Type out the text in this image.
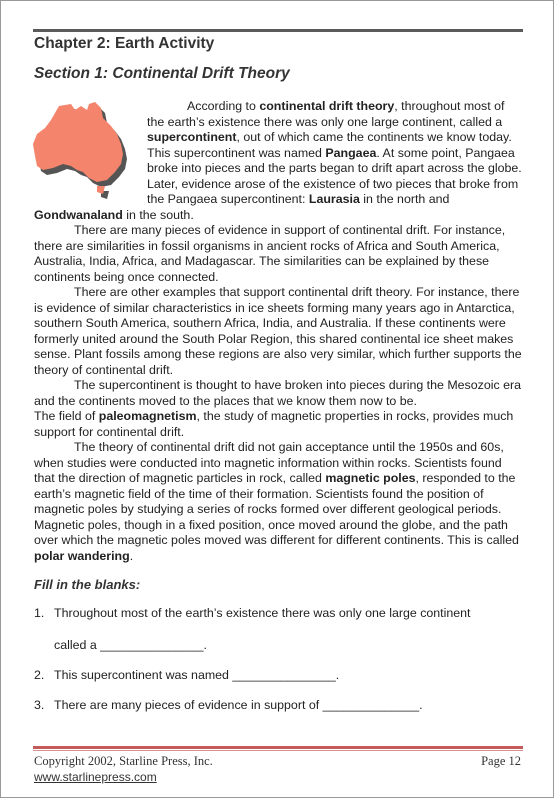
Chapter 2: Earth Activity
Section 1: Continental Drift Theory

According to continental drift theory, throughout most of the earth’s existence there was only one large continent, called a supercontinent, out of which came the continents we know today. This supercontinent was named Pangaea. At some point, Pangaea broke into pieces and the parts began to drift apart across the globe. Later, evidence arose of the existence of two pieces that broke from the Pangaea supercontinent: Laurasia in the north and Gondwanaland in the south.

There are many pieces of evidence in support of continental drift. For instance, there are similarities in fossil organisms in ancient rocks of Africa and South America, Australia, India, Africa, and Madagascar. The similarities can be explained by these continents being once connected.

There are other examples that support continental drift theory. For instance, there is evidence of similar characteristics in ice sheets forming many years ago in Antarctica, southern South America, southern Africa, India, and Australia. If these continents were formerly united around the South Polar Region, this shared continental ice sheet makes sense. Plant fossils among these regions are also very similar, which further supports the theory of continental drift.

The supercontinent is thought to have broken into pieces during the Mesozoic era and the continents moved to the places that we know them now to be.

The field of paleomagnetism, the study of magnetic properties in rocks, provides much support for continental drift.

The theory of continental drift did not gain acceptance until the 1950s and 60s, when studies were conducted into magnetic information within rocks. Scientists found that the direction of magnetic particles in rock, called magnetic poles, responded to the earth’s magnetic field of the time of their formation. Scientists found the position of magnetic poles by studying a series of rocks formed over different geological periods. Magnetic poles, though in a fixed position, once moved around the globe, and the path over which the magnetic poles moved was different for different continents. This is called polar wandering.

Fill in the blanks:
1. Throughout most of the earth’s existence there was only one large continent
called a _______________.
2. This supercontinent was named _______________.
3. There are many pieces of evidence in support of ______________.
Copyright 2002, Starline Press, Inc.
www.starlinepress.com
Page 12
